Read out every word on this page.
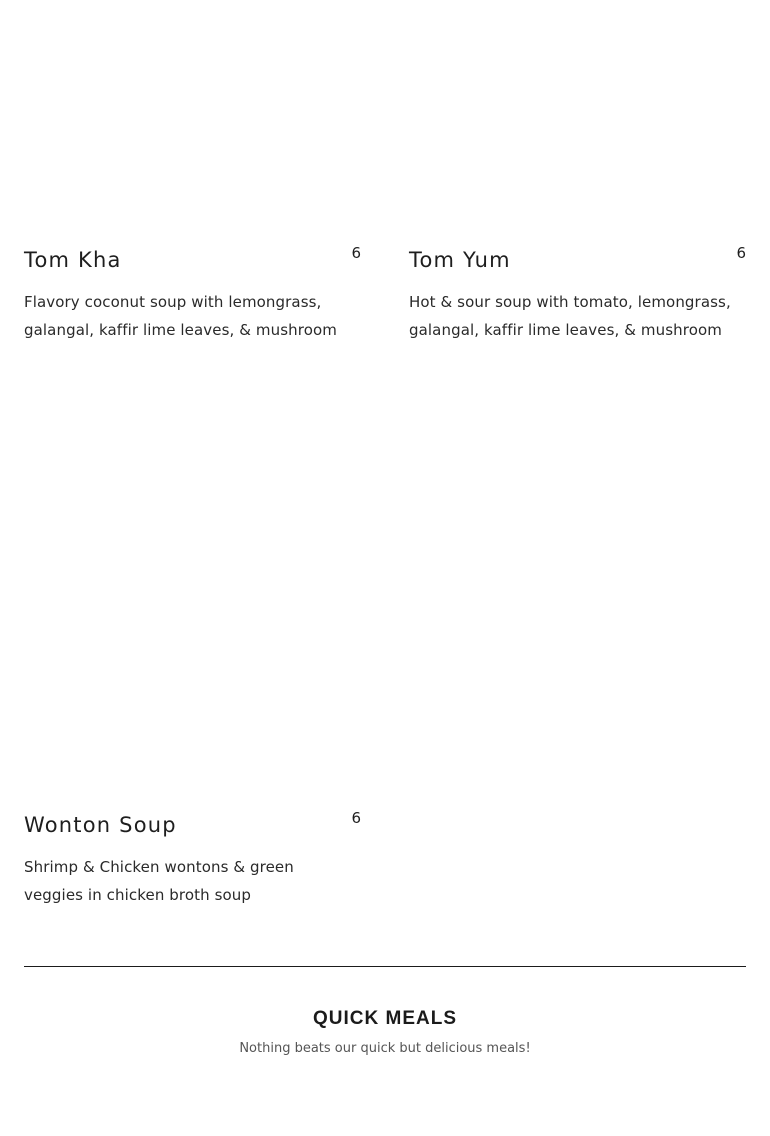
Tom Kha	6
Flavory coconut soup with lemongrass, galangal, kaffir lime leaves, & mushroom
Tom Yum	6
Hot & sour soup with tomato, lemongrass, galangal, kaffir lime leaves, & mushroom
Wonton Soup	6
Shrimp & Chicken wontons & green veggies in chicken broth soup
QUICK MEALS
Nothing beats our quick but delicious meals!
